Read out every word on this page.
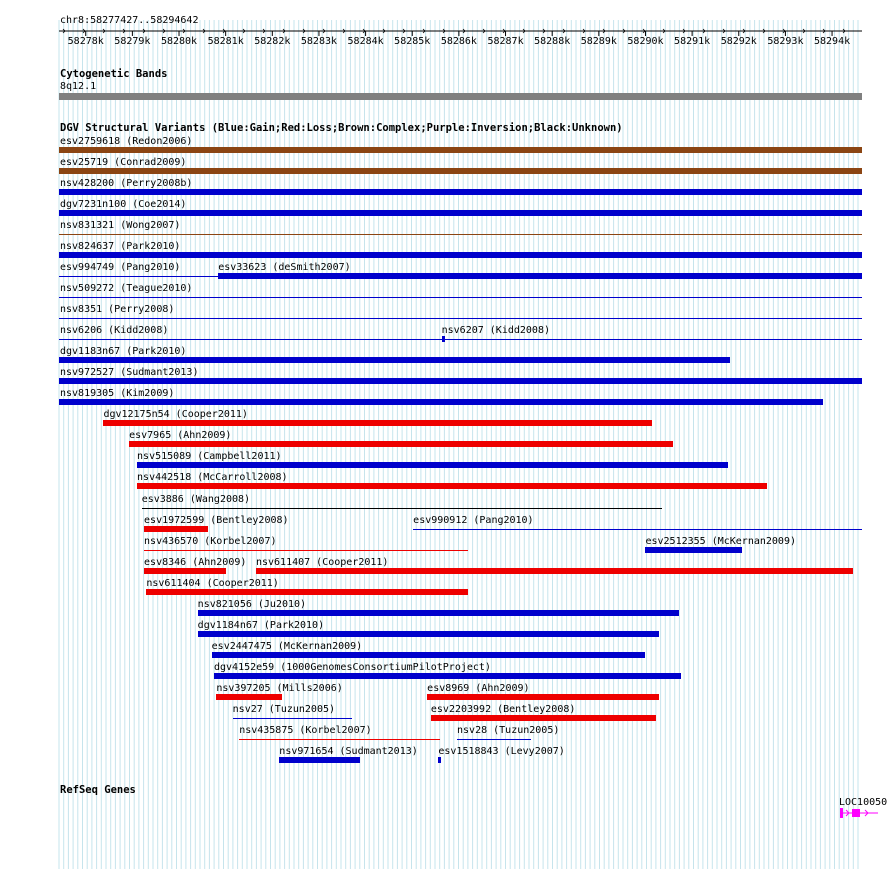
chr8:58277427..58294642
58278k 58279k 58280k 58281k 58282k 58283k 58284k 58285k 58286k 58287k 58288k 58289k 58290k 58291k 58292k 58293k 58294k
Cytogenetic Bands
8q12.1
DGV Structural Variants (Blue:Gain;Red:Loss;Brown:Complex;Purple:Inversion;Black:Unknown)
esv2759618 (Redon2006)
esv25719 (Conrad2009)
nsv428200 (Perry2008b)
dgv7231n100 (Coe2014)
nsv831321 (Wong2007)
nsv824637 (Park2010)
esv994749 (Pang2010)	esv33623 (deSmith2007)
nsv509272 (Teague2010)
nsv8351 (Perry2008)
nsv6206 (Kidd2008)	nsv6207 (Kidd2008)
dgv1183n67 (Park2010)
nsv972527 (Sudmant2013)
nsv819305 (Kim2009)
dgv12175n54 (Cooper2011)
esv7965 (Ahn2009)
nsv515089 (Campbell2011)
nsv442518 (McCarroll2008)
esv3886 (Wang2008)
esv1972599 (Bentley2008)	esv990912 (Pang2010)
nsv436570 (Korbel2007)	esv2512355 (McKernan2009)
esv8346 (Ahn2009) nsv611407 (Cooper2011)
nsv611404 (Cooper2011)
nsv821056 (Ju2010)
dgv1184n67 (Park2010)
esv2447475 (McKernan2009)
dgv4152e59 (1000GenomesConsortiumPilotProject)
nsv397205 (Mills2006)	esv8969 (Ahn2009)
nsv27 (Tuzun2005)	esv2203992 (Bentley2008)
nsv435875 (Korbel2007)	nsv28 (Tuzun2005)
nsv971654 (Sudmant2013) esv1518843 (Levy2007)
RefSeq Genes
LOC10050
